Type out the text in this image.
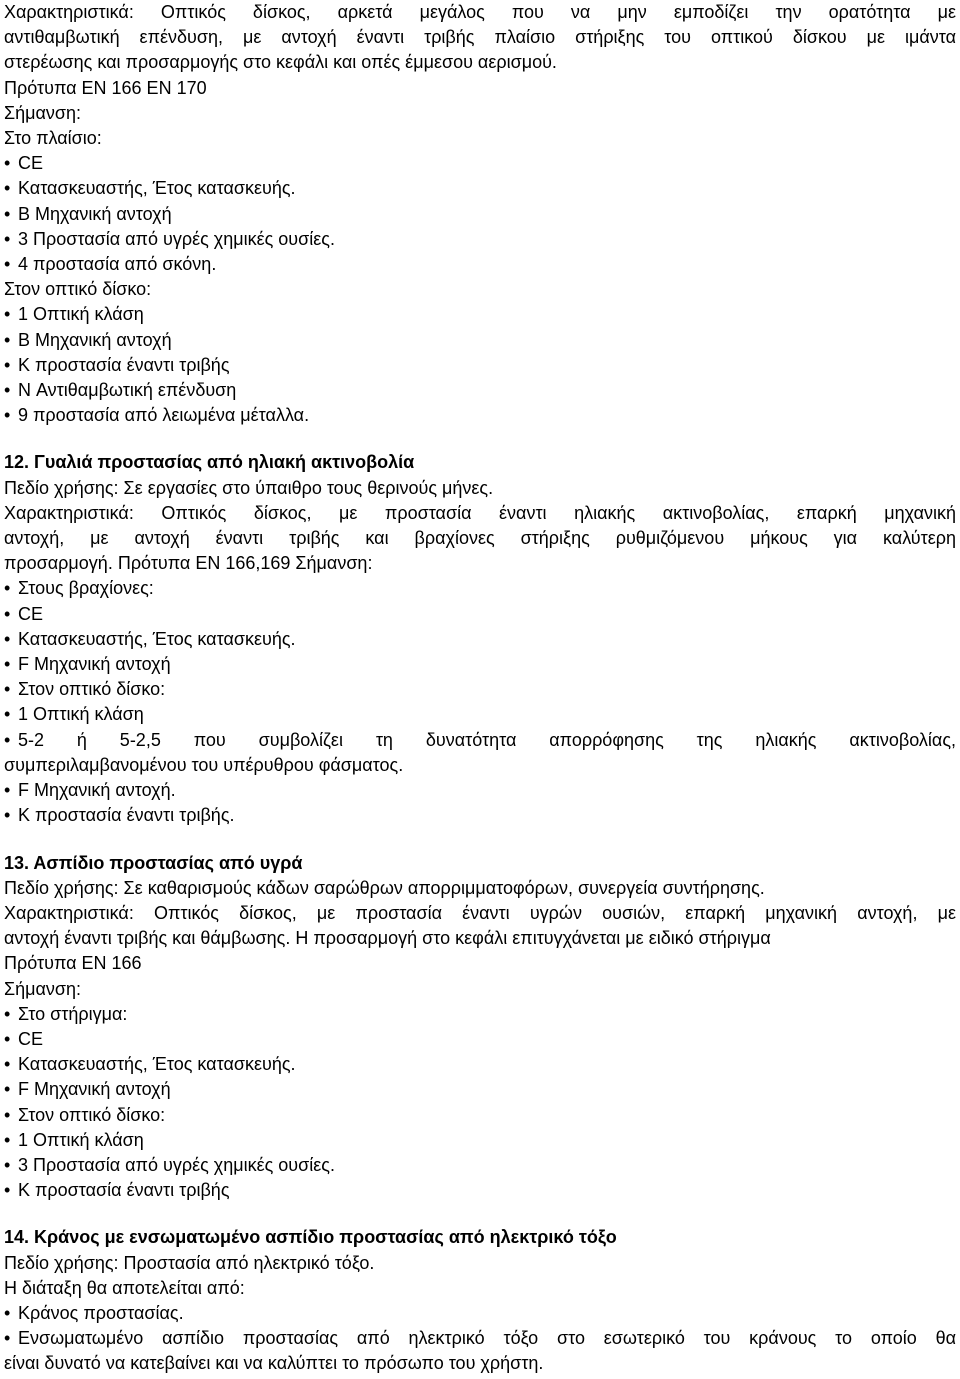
Χαρακτηριστικά: Οπτικός δίσκος, αρκετά μεγάλος που να μην εμποδίζει την ορατότητα με

αντιθαμβωτική επένδυση, με αντοχή έναντι τριβής πλαίσιο στήριξης του οπτικού δίσκου με ιμάντα

στερέωσης και προσαρμογής στο κεφάλι και οπές έμμεσου αερισμού.

Πρότυπα EN 166 EN 170

Σήμανση:

Στο πλαίσιο:

• CE
• Κατασκευαστής, Έτος κατασκευής.
• B Μηχανική αντοχή
• 3 Προστασία από υγρές χημικές ουσίες.
• 4 προστασία από σκόνη.

Στον οπτικό δίσκο:

• 1 Οπτική κλάση
• B Μηχανική αντοχή
• K προστασία έναντι τριβής
• N Αντιθαμβωτική επένδυση
• 9 προστασία από λειωμένα μέταλλα.

12. Γυαλιά προστασίας από ηλιακή ακτινοβολία

Πεδίο χρήσης: Σε εργασίες στο ύπαιθρο τους θερινούς μήνες.

Χαρακτηριστικά: Οπτικός δίσκος, με προστασία έναντι ηλιακής ακτινοβολίας, επαρκή μηχανική

αντοχή, με αντοχή έναντι τριβής και βραχίονες στήριξης ρυθμιζόμενου μήκους για καλύτερη

προσαρμογή. Πρότυπα EN 166,169 Σήμανση:

• Στους βραχίονες:
• CE
• Κατασκευαστής, Έτος κατασκευής.
• F Μηχανική αντοχή
• Στον οπτικό δίσκο:
• 1 Οπτική κλάση
• 5-2 ή 5-2,5 που συμβολίζει τη δυνατότητα απορρόφησης της ηλιακής ακτινοβολίας,

συμπεριλαμβανομένου του υπέρυθρου φάσματος.

• F Μηχανική αντοχή.
• K προστασία έναντι τριβής.

13. Ασπίδιο προστασίας από υγρά

Πεδίο χρήσης: Σε καθαρισμούς κάδων σαρώθρων απορριμματοφόρων, συνεργεία συντήρησης.

Χαρακτηριστικά: Οπτικός δίσκος, με προστασία έναντι υγρών ουσιών, επαρκή μηχανική αντοχή, με

αντοχή έναντι τριβής και θάμβωσης. Η προσαρμογή στο κεφάλι επιτυγχάνεται με ειδικό στήριγμα

Πρότυπα EN 166

Σήμανση:

• Στο στήριγμα:
• CE
• Κατασκευαστής, Έτος κατασκευής.
• F Μηχανική αντοχή
• Στον οπτικό δίσκο:
• 1 Οπτική κλάση
• 3 Προστασία από υγρές χημικές ουσίες.
• K προστασία έναντι τριβής

14. Κράνος με ενσωματωμένο ασπίδιο προστασίας από ηλεκτρικό τόξο

Πεδίο χρήσης: Προστασία από ηλεκτρικό τόξο.

Η διάταξη θα αποτελείται από:

• Κράνος προστασίας.
• Ενσωματωμένο ασπίδιο προστασίας από ηλεκτρικό τόξο στο εσωτερικό του κράνους το οποίο θα

είναι δυνατό να κατεβαίνει και να καλύπτει το πρόσωπο του χρήστη.
